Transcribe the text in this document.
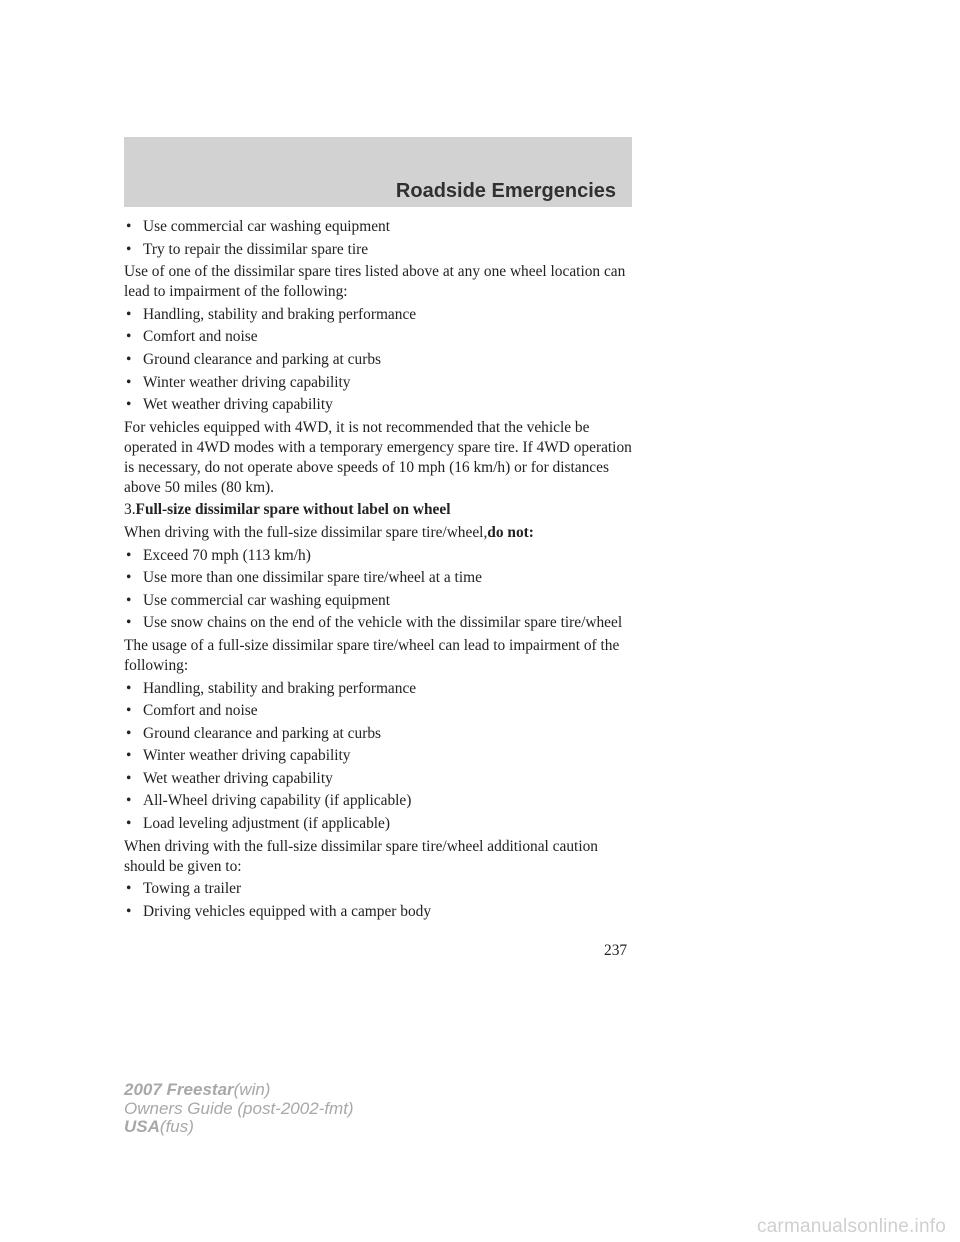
Roadside Emergencies
• Use commercial car washing equipment
• Try to repair the dissimilar spare tire
Use of one of the dissimilar spare tires listed above at any one wheel location can lead to impairment of the following:
• Handling, stability and braking performance
• Comfort and noise
• Ground clearance and parking at curbs
• Winter weather driving capability
• Wet weather driving capability
For vehicles equipped with 4WD, it is not recommended that the vehicle be operated in 4WD modes with a temporary emergency spare tire. If 4WD operation is necessary, do not operate above speeds of 10 mph (16 km/h) or for distances above 50 miles (80 km).
3.Full-size dissimilar spare without label on wheel
When driving with the full-size dissimilar spare tire/wheel,do not:
• Exceed 70 mph (113 km/h)
• Use more than one dissimilar spare tire/wheel at a time
• Use commercial car washing equipment
• Use snow chains on the end of the vehicle with the dissimilar spare tire/wheel
The usage of a full-size dissimilar spare tire/wheel can lead to impairment of the following:
• Handling, stability and braking performance
• Comfort and noise
• Ground clearance and parking at curbs
• Winter weather driving capability
• Wet weather driving capability
• All-Wheel driving capability (if applicable)
• Load leveling adjustment (if applicable)
When driving with the full-size dissimilar spare tire/wheel additional caution should be given to:
• Towing a trailer
• Driving vehicles equipped with a camper body
237
2007 Freestar(win)
Owners Guide (post-2002-fmt)
USA(fus)
carmanualsonline.info
